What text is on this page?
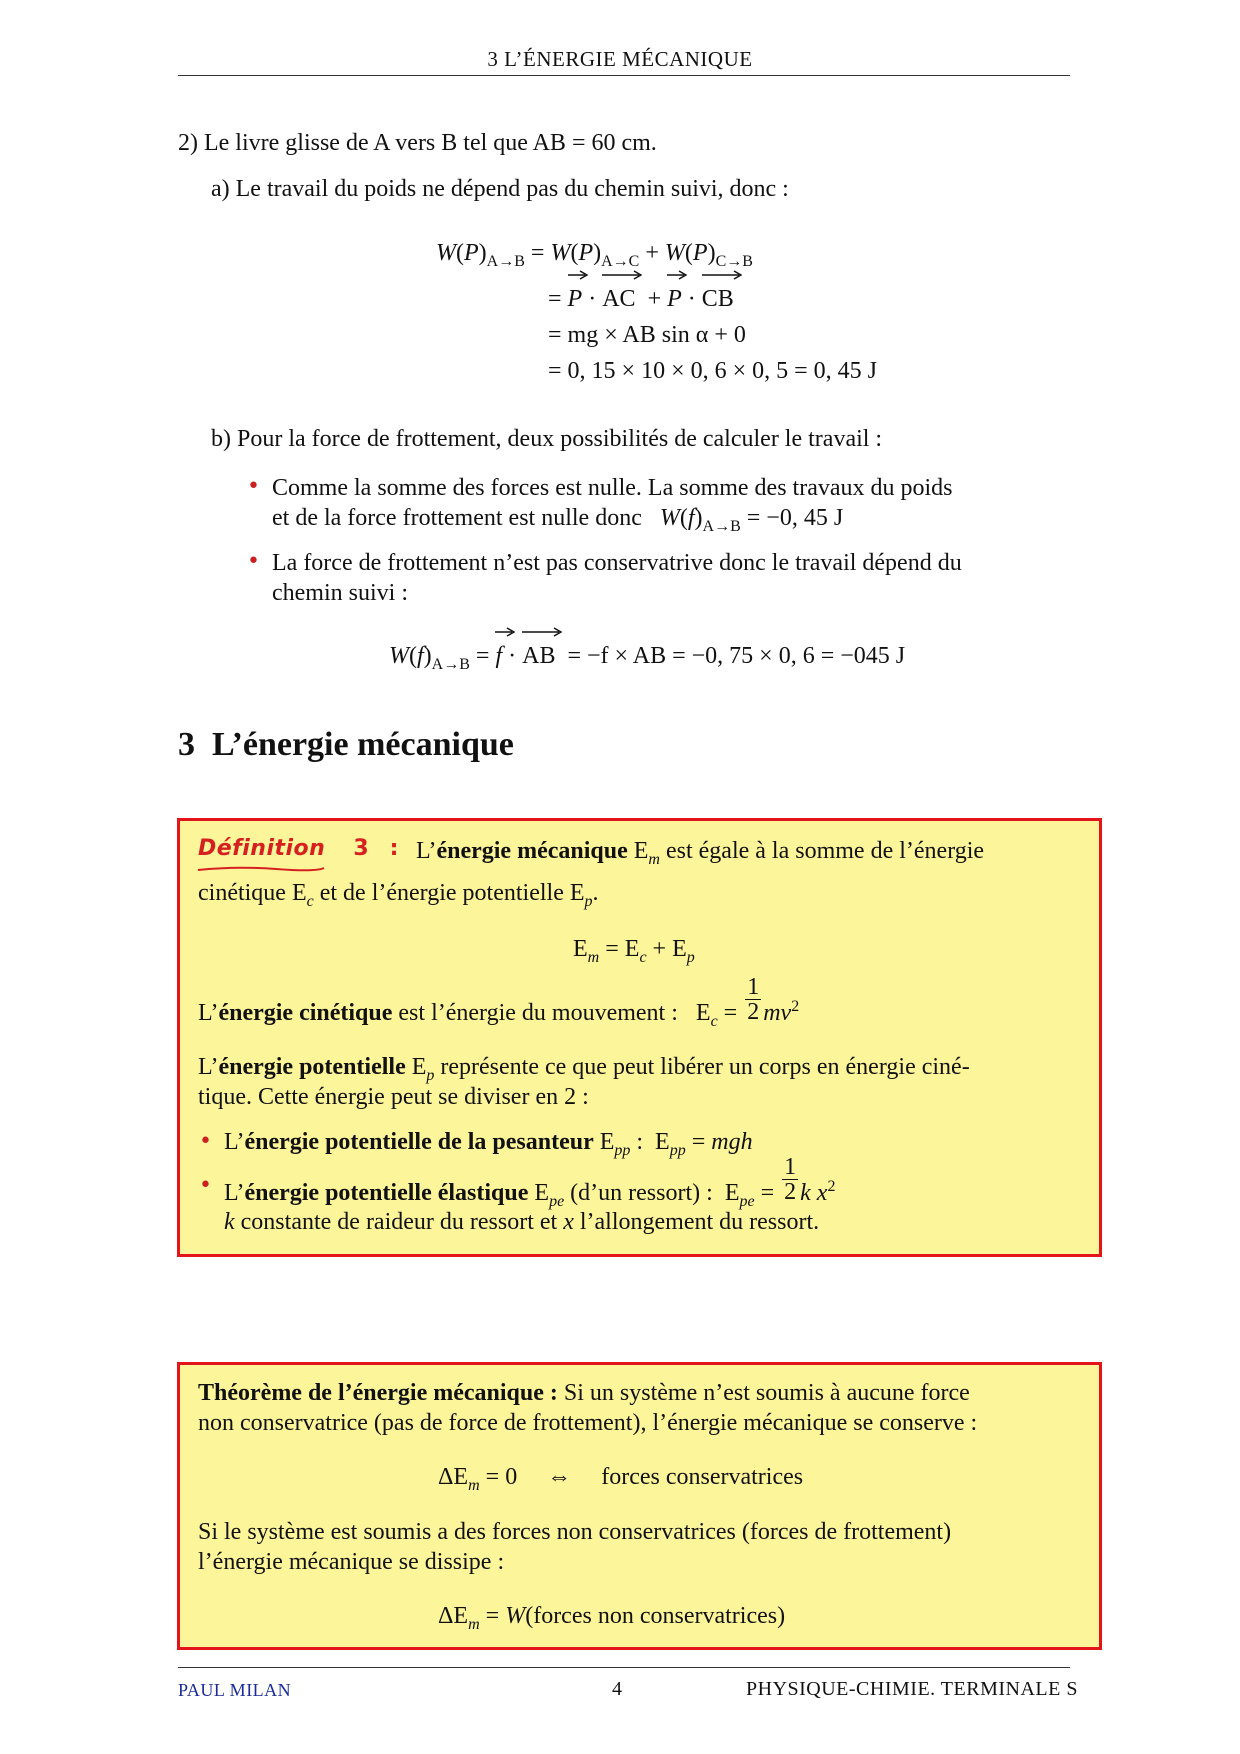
3 L’ÉNERGIE MÉCANIQUE
2) Le livre glisse de A vers B tel que AB = 60 cm.
a) Le travail du poids ne dépend pas du chemin suivi, donc :
$W(P)_{A\to B} = W(P)_{A\to C} + W(P)_{C\to B}$
= P
· AC
+ P
· CB
= mg × AB sin α + 0
= 0, 15 × 10 × 0, 6 × 0, 5 = 0, 45 J
b) Pour la force de frottement, deux possibilités de calculer le travail :
• Comme la somme des forces est nulle. La somme des travaux du poids
et de la force frottement est nulle donc $W(f)_{A\to B} = -0$, 45 J
• La force de frottement n’est pas conservatrive donc le travail dépend du
chemin suivi :
$W(f)_{A\to B} = f$
· AB = −f × AB = −0, 75 × 0, 6 = −045 J
3 L’énergie mécanique
Définition 3 : L’énergie mécanique $E_m$ est égale à la somme de l’énergie
cinétique $E_c$ et de l’énergie potentielle $E_p$.
$E_m = E_c + E_p$
L’énergie cinétique est l’énergie du mouvement :   $E_c = \frac{1}{2} mv^2$
L’énergie potentielle $E_p$ représente ce que peut libérer un corps en énergie ciné-
tique. Cette énergie peut se diviser en 2 :
• L’énergie potentielle de la pesanteur $E_{pp}$ :  $E_{pp}$ = mgh
• L’énergie potentielle élastique $E_{pe}$ (d’un ressort) :  $E_{pe} = \frac{1}{2}$ k $x^2$
k constante de raideur du ressort et x l’allongement du ressort.
Théorème de l’énergie mécanique : Si un système n’est soumis à aucune force
non conservatrice (pas de force de frottement), l’énergie mécanique se conserve :
$\Delta E_m = 0$     ⇔     forces conservatrices
Si le système est soumis a des forces non conservatrices (forces de frottement)
l’énergie mécanique se dissipe :
$\Delta E_m$ = W(forces non conservatrices)
PAUL MILAN	4	PHYSIQUE-CHIMIE. TERMINALE S
